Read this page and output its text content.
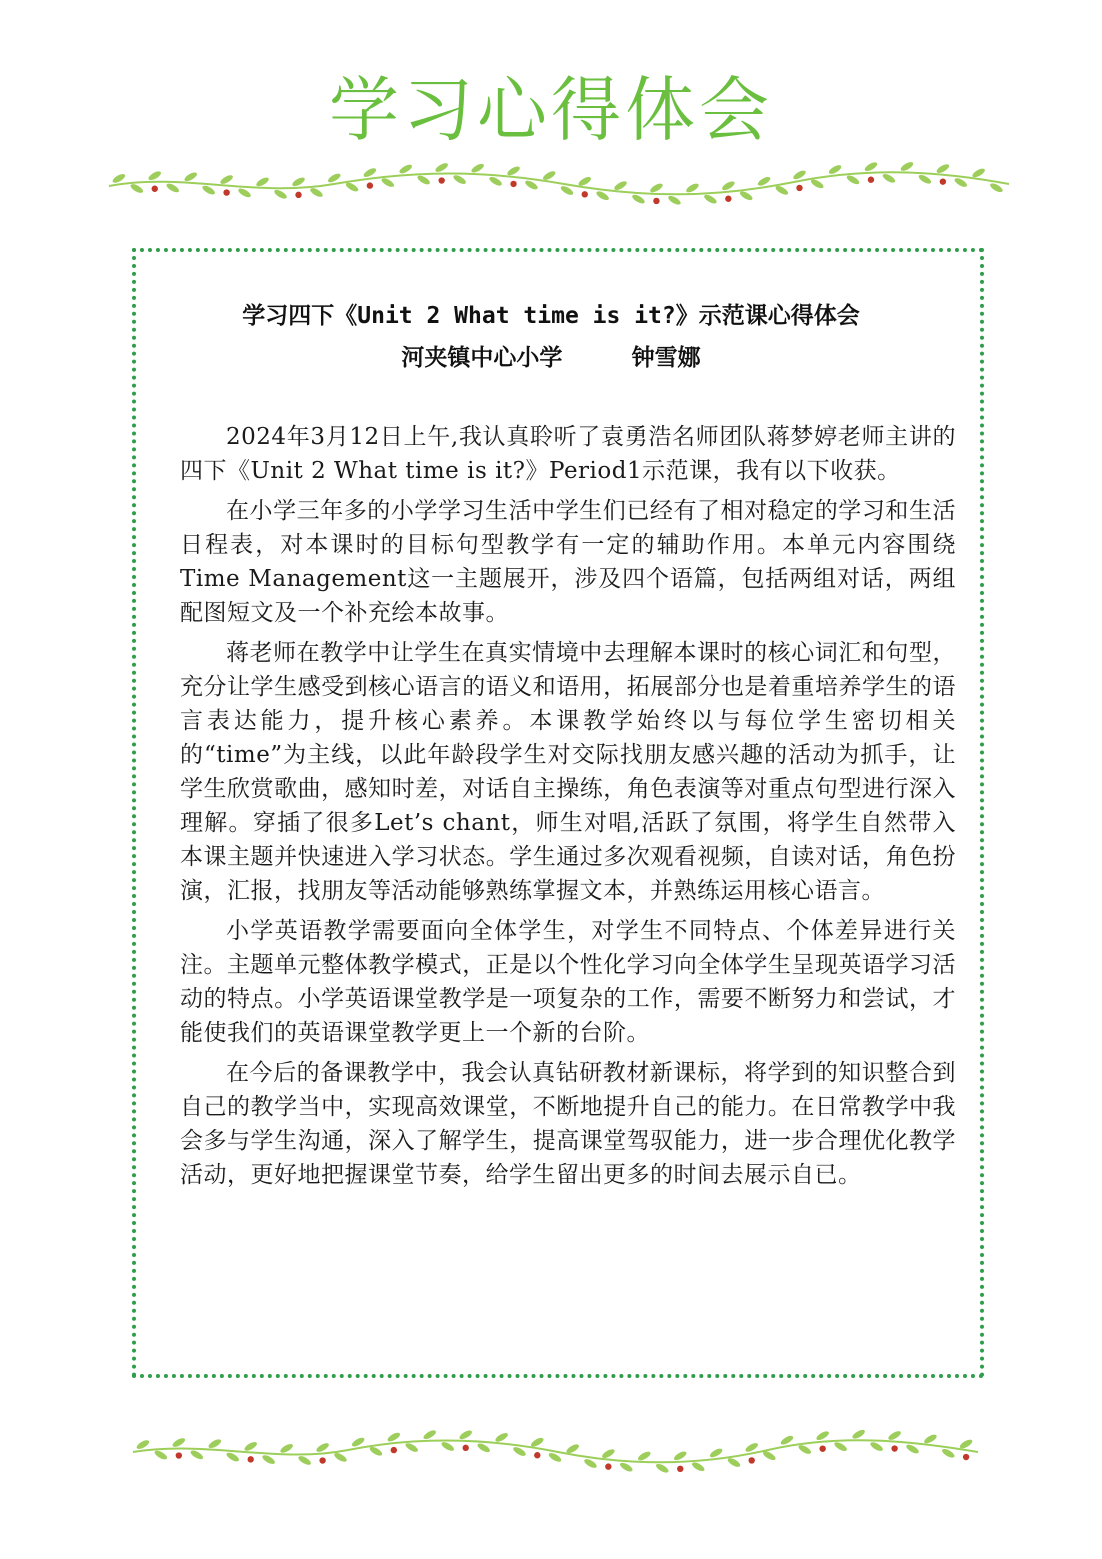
学习心得体会
学习四下《Unit 2 What time is it?》示范课心得体会
河夹镇中心小学     钟雪娜

2024年3月12日上午,我认真聆听了袁勇浩名师团队蒋梦婷老师主讲的四下《Unit 2 What time is it?》Period1示范课，我有以下收获。

在小学三年多的小学学习生活中学生们已经有了相对稳定的学习和生活日程表，对本课时的目标句型教学有一定的辅助作用。本单元内容围绕 Time Management这一主题展开，涉及四个语篇，包括两组对话，两组配图短文及一个补充绘本故事。

蒋老师在教学中让学生在真实情境中去理解本课时的核心词汇和句型，充分让学生感受到核心语言的语义和语用，拓展部分也是着重培养学生的语言表达能力，提升核心素养。本课教学始终以与每位学生密切相关的“time”为主线，以此年龄段学生对交际找朋友感兴趣的活动为抓手，让学生欣赏歌曲，感知时差，对话自主操练，角色表演等对重点句型进行深入理解。穿插了很多Let’s chant，师生对唱,活跃了氛围，将学生自然带入本课主题并快速进入学习状态。学生通过多次观看视频，自读对话，角色扮演，汇报，找朋友等活动能够熟练掌握文本，并熟练运用核心语言。

小学英语教学需要面向全体学生，对学生不同特点、个体差异进行关注。主题单元整体教学模式，正是以个性化学习向全体学生呈现英语学习活动的特点。小学英语课堂教学是一项复杂的工作，需要不断努力和尝试，才能使我们的英语课堂教学更上一个新的台阶。

在今后的备课教学中，我会认真钻研教材新课标，将学到的知识整合到自己的教学当中，实现高效课堂，不断地提升自己的能力。在日常教学中我会多与学生沟通，深入了解学生，提高课堂驾驭能力，进一步合理优化教学活动，更好地把握课堂节奏，给学生留出更多的时间去展示自已。
